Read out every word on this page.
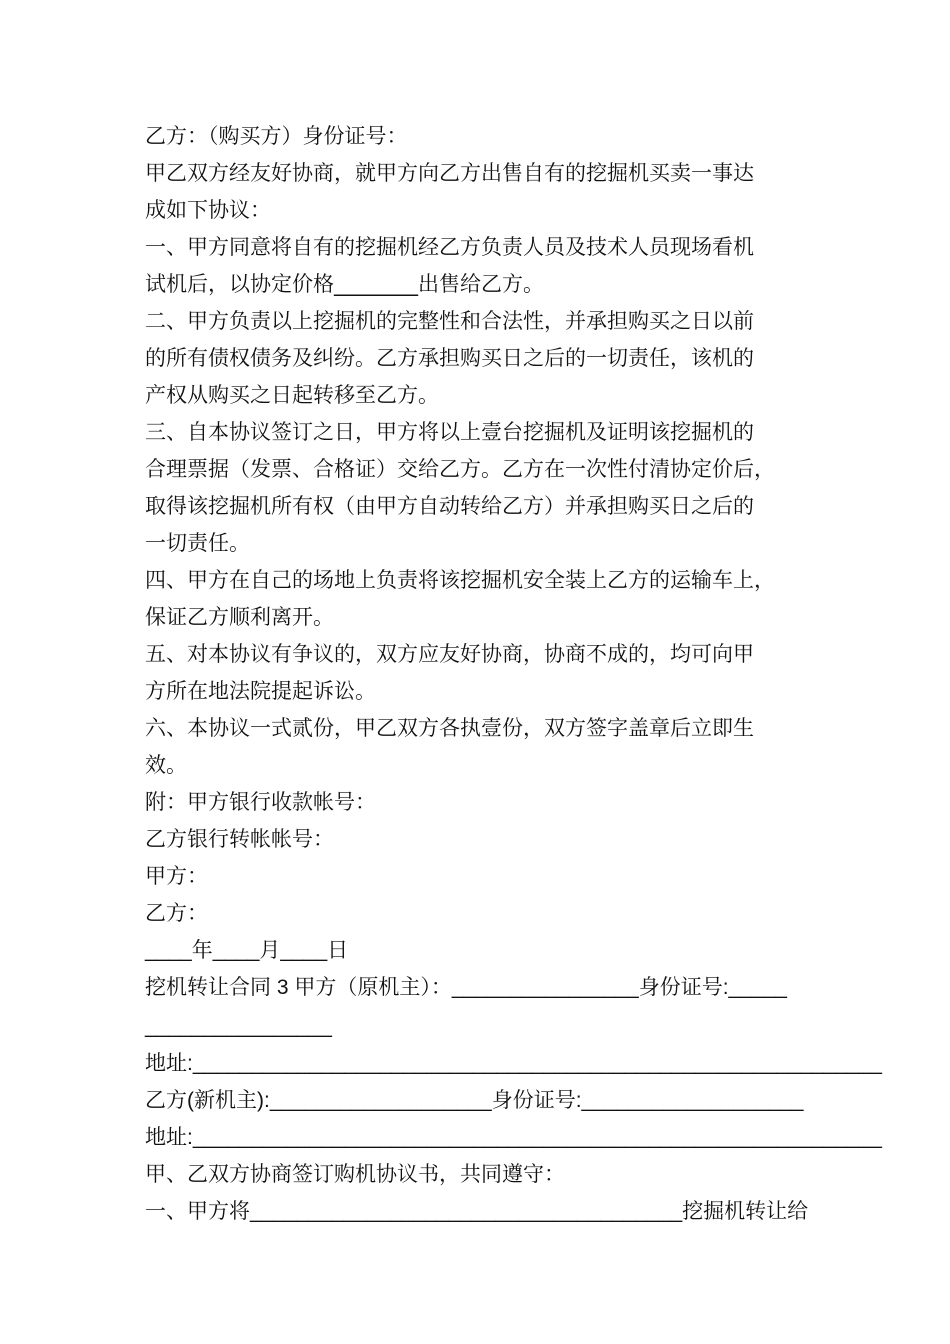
乙方：（购买方）身份证号：
甲乙双方经友好协商，就甲方向乙方出售自有的挖掘机买卖一事达
成如下协议：
一、甲方同意将自有的挖掘机经乙方负责人员及技术人员现场看机
试机后，以协定价格________出售给乙方。
二、甲方负责以上挖掘机的完整性和合法性，并承担购买之日以前
的所有债权债务及纠纷。乙方承担购买日之后的一切责任，该机的
产权从购买之日起转移至乙方。
三、自本协议签订之日，甲方将以上壹台挖掘机及证明该挖掘机的
合理票据（发票、合格证）交给乙方。乙方在一次性付清协定价后，
取得该挖掘机所有权（由甲方自动转给乙方）并承担购买日之后的
一切责任。
四、甲方在自己的场地上负责将该挖掘机安全装上乙方的运输车上，
保证乙方顺利离开。
五、对本协议有争议的，双方应友好协商，协商不成的，均可向甲
方所在地法院提起诉讼。
六、本协议一式贰份，甲乙双方各执壹份，双方签字盖章后立即生
效。
附：甲方银行收款帐号：
乙方银行转帐帐号：
甲方：
乙方：
____年____月____日
挖机转让合同 3 甲方（原机主）：________________身份证号:_____
________________
地址:___________________________________________________________
乙方(新机主):___________________身份证号:___________________
地址:___________________________________________________________
甲、乙双方协商签订购机协议书，共同遵守：
一、甲方将_____________________________________挖掘机转让给
